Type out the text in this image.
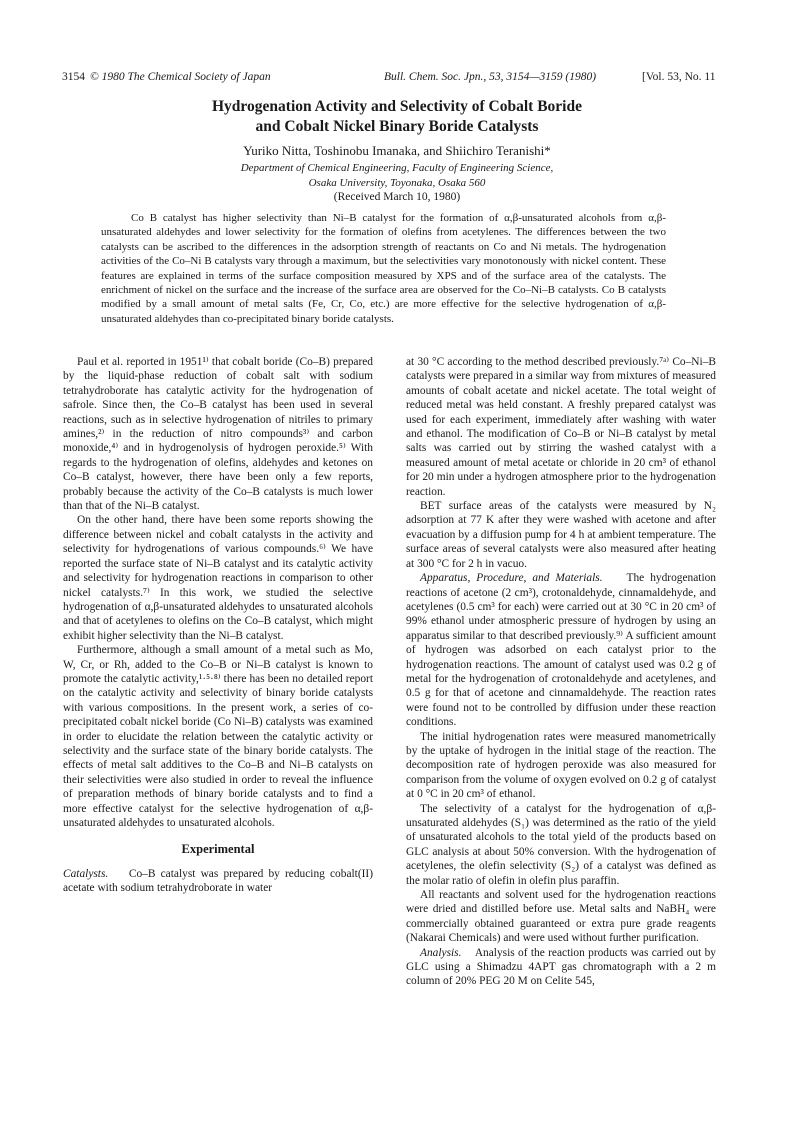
3154 © 1980 The Chemical Society of Japan	Bull. Chem. Soc. Jpn., 53, 3154—3159 (1980)	[Vol. 53, No. 11
Hydrogenation Activity and Selectivity of Cobalt Boride
and Cobalt Nickel Binary Boride Catalysts
Yuriko Nitta, Toshinobu Imanaka, and Shiichiro Teranishi*
Department of Chemical Engineering, Faculty of Engineering Science,
Osaka University, Toyonaka, Osaka 560
(Received March 10, 1980)

Co B catalyst has higher selectivity than Ni–B catalyst for the formation of α,β-unsaturated alcohols from α,β-unsaturated aldehydes and lower selectivity for the formation of olefins from acetylenes. The differences between the two catalysts can be ascribed to the differences in the adsorption strength of reactants on Co and Ni metals. The hydrogenation activities of the Co–Ni B catalysts vary through a maximum, but the selectivities vary monotonously with nickel content. These features are explained in terms of the surface composition measured by XPS and of the surface area of the catalysts. The enrichment of nickel on the surface and the increase of the surface area are observed for the Co–Ni–B catalysts. Co B catalysts modified by a small amount of metal salts (Fe, Cr, Co, etc.) are more effective for the selective hydrogenation of α,β-unsaturated aldehydes than co-precipitated binary boride catalysts.

Paul et al. reported in 1951¹⁾ that cobalt boride (Co–B) prepared by the liquid-phase reduction of cobalt salt with sodium tetrahydroborate has catalytic activity for the hydrogenation of safrole. Since then, the Co–B catalyst has been used in several reactions, such as in selective hydrogenation of nitriles to primary amines,²⁾ in the reduction of nitro compounds³⁾ and carbon monoxide,⁴⁾ and in hydrogenolysis of hydrogen peroxide.⁵⁾ With regards to the hydrogenation of olefins, aldehydes and ketones on Co–B catalyst, however, there have been only a few reports, probably because the activity of the Co–B catalysts is much lower than that of the Ni–B catalyst.

On the other hand, there have been some reports showing the difference between nickel and cobalt catalysts in the activity and selectivity for hydrogenations of various compounds.⁶⁾ We have reported the surface state of Ni–B catalyst and its catalytic activity and selectivity for hydrogenation reactions in comparison to other nickel catalysts.⁷⁾ In this work, we studied the selective hydrogenation of α,β-unsaturated aldehydes to unsaturated alcohols and that of acetylenes to olefins on the Co–B catalyst, which might exhibit higher selectivity than the Ni–B catalyst.

Furthermore, although a small amount of a metal such as Mo, W, Cr, or Rh, added to the Co–B or Ni–B catalyst is known to promote the catalytic activity,¹·⁵·⁸⁾ there has been no detailed report on the catalytic activity and selectivity of binary boride catalysts with various compositions. In the present work, a series of co-precipitated cobalt nickel boride (Co Ni–B) catalysts was examined in order to elucidate the relation between the catalytic activity or selectivity and the surface state of the binary boride catalysts. The effects of metal salt additives to the Co–B and Ni–B catalysts on their selectivities were also studied in order to reveal the influence of preparation methods of binary boride catalysts and to find a more effective catalyst for the selective hydrogenation of α,β-unsaturated aldehydes to unsaturated alcohols.

Experimental

Catalysts. Co–B catalyst was prepared by reducing cobalt(II) acetate with sodium tetrahydroborate in water

at 30 °C according to the method described previously.⁷ᵃ⁾ Co–Ni–B catalysts were prepared in a similar way from mixtures of measured amounts of cobalt acetate and nickel acetate. The total weight of reduced metal was held constant. A freshly prepared catalyst was used for each experiment, immediately after washing with water and ethanol. The modification of Co–B or Ni–B catalyst by metal salts was carried out by stirring the washed catalyst with a measured amount of metal acetate or chloride in 20 cm³ of ethanol for 20 min under a hydrogen atmosphere prior to the hydrogenation reaction.

BET surface areas of the catalysts were measured by N₂ adsorption at 77 K after they were washed with acetone and after evacuation by a diffusion pump for 4 h at ambient temperature. The surface areas of several catalysts were also measured after heating at 300 °C for 2 h in vacuo.

Apparatus, Procedure, and Materials. The hydrogenation reactions of acetone (2 cm³), crotonaldehyde, cinnamaldehyde, and acetylenes (0.5 cm³ for each) were carried out at 30 °C in 20 cm³ of 99% ethanol under atmospheric pressure of hydrogen by using an apparatus similar to that described previously.⁹⁾ A sufficient amount of hydrogen was adsorbed on each catalyst prior to the hydrogenation reactions. The amount of catalyst used was 0.2 g of metal for the hydrogenation of crotonaldehyde and acetylenes, and 0.5 g for that of acetone and cinnamaldehyde. The reaction rates were found not to be controlled by diffusion under these reaction conditions.

The initial hydrogenation rates were measured manometrically by the uptake of hydrogen in the initial stage of the reaction. The decomposition rate of hydrogen peroxide was also measured for comparison from the volume of oxygen evolved on 0.2 g of catalyst at 0 °C in 20 cm³ of ethanol.

The selectivity of a catalyst for the hydrogenation of α,β-unsaturated aldehydes (S₁) was determined as the ratio of the yield of unsaturated alcohols to the total yield of the products based on GLC analysis at about 50% conversion. With the hydrogenation of acetylenes, the olefin selectivity (S₂) of a catalyst was defined as the molar ratio of olefin in olefin plus paraffin.

All reactants and solvent used for the hydrogenation reactions were dried and distilled before use. Metal salts and NaBH₄ were commercially obtained guaranteed or extra pure grade reagents (Nakarai Chemicals) and were used without further purification.

Analysis. Analysis of the reaction products was carried out by GLC using a Shimadzu 4APT gas chromatograph with a 2 m column of 20% PEG 20 M on Celite 545,
